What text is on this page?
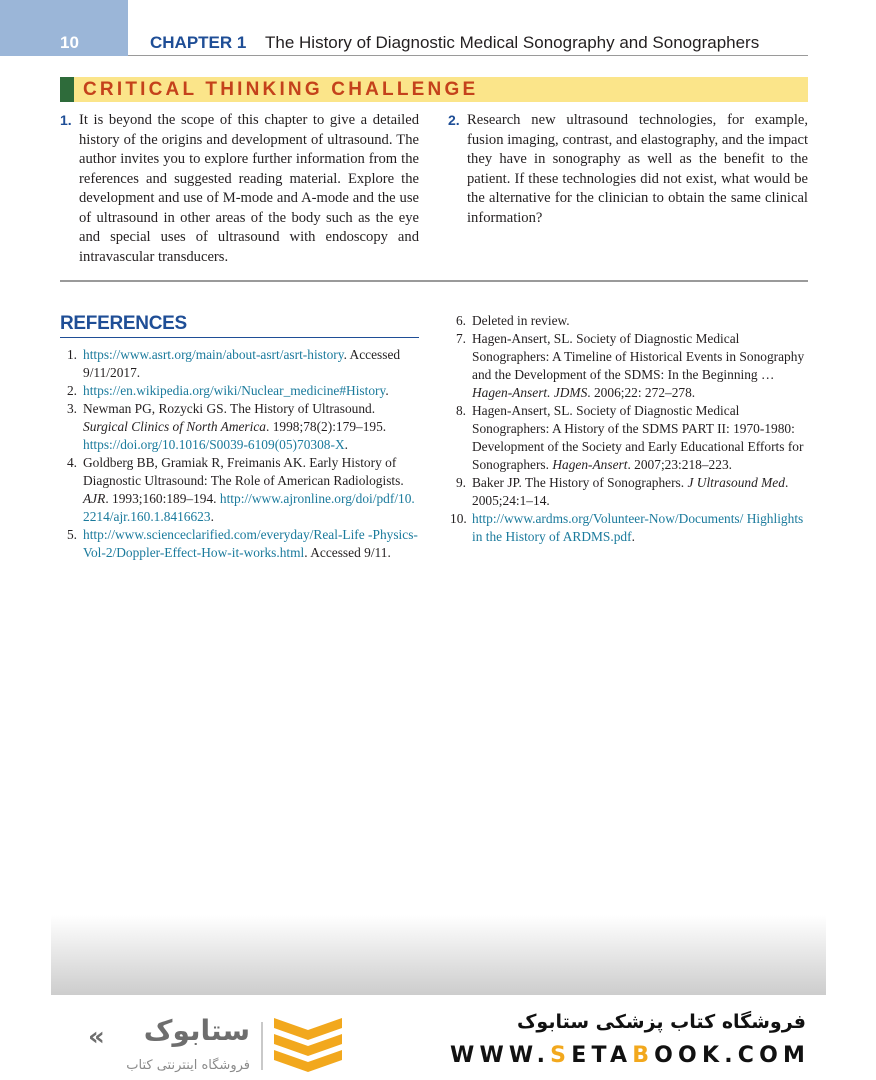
10	CHAPTER 1 The History of Diagnostic Medical Sonography and Sonographers
CRITICAL THINKING CHALLENGE
1. It is beyond the scope of this chapter to give a detailed history of the origins and development of ultrasound. The author invites you to explore further information from the references and suggested reading material. Explore the development and use of M-mode and A-mode and the use of ultrasound in other areas of the body such as the eye and special uses of ultrasound with endoscopy and intravascular transducers.
2. Research new ultrasound technologies, for example, fusion imaging, contrast, and elastography, and the impact they have in sonography as well as the benefit to the patient. If these technologies did not exist, what would be the alternative for the clinician to obtain the same clinical information?
REFERENCES
1. https://www.asrt.org/main/about-asrt/asrt-history. Accessed 9/11/2017.
2. https://en.wikipedia.org/wiki/Nuclear_medicine#History.
3. Newman PG, Rozycki GS. The History of Ultrasound. Surgical Clinics of North America. 1998;78(2):179–195. https://doi.org/10.1016/S0039-6109(05)70308-X.
4. Goldberg BB, Gramiak R, Freimanis AK. Early History of Diagnostic Ultrasound: The Role of American Radiologists. AJR. 1993;160:189–194. http://www.ajronline.org/doi/pdf/10.2214/ajr.160.1.8416623.
5. http://www.scienceclarified.com/everyday/Real-Life -Physics-Vol-2/Doppler-Effect-How-it-works.html. Accessed 9/11.
6. Deleted in review.
7. Hagen-Ansert, SL. Society of Diagnostic Medical Sonographers: A Timeline of Historical Events in Sonography and the Development of the SDMS: In the Beginning … Hagen-Ansert. JDMS. 2006;22: 272–278.
8. Hagen-Ansert, SL. Society of Diagnostic Medical Sonographers: A History of the SDMS PART II: 1970-1980: Development of the Society and Early Educational Efforts for Sonographers. Hagen-Ansert. 2007;23:218–223.
9. Baker JP. The History of Sonographers. J Ultrasound Med. 2005;24:1–14.
10. http://www.ardms.org/Volunteer-Now/Documents/ Highlights in the History of ARDMS.pdf.
«	ستابوک
فروشگاه اینترنتی کتاب
فروشگاه کتاب پزشکی ستابوک
WWW.SETABOOK.COM
